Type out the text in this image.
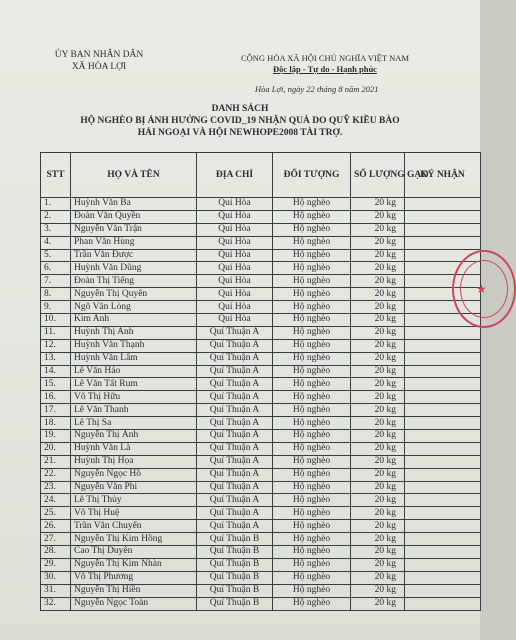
ỦY BAN NHÂN DÂN
XÃ HÒA LỢI
CỘNG HÒA XÃ HỘI CHỦ NGHĨA VIỆT NAM
Độc lập - Tự do - Hạnh phúc
Hòa Lợi, ngày 22 tháng 8 năm 2021
DANH SÁCH
HỘ NGHÈO BỊ ẢNH HƯỞNG COVID_19 NHẬN QUÀ DO QUỸ KIỀU BÀO
HẢI NGOẠI VÀ HỘI NEWHOPE2008 TÀI TRỢ.
STT	HỌ VÀ TÊN	ĐỊA CHỈ	ĐỐI TƯỢNG	SỐ LƯỢNG GẠO	KÝ NHẬN
1.	Huỳnh Văn Ba	Quí Hòa	Hộ nghèo	20 kg	
2.	Đoàn Văn Quyền	Quí Hòa	Hộ nghèo	20 kg	
3.	Nguyễn Văn Trận	Quí Hòa	Hộ nghèo	20 kg	
4.	Phan Văn Hùng	Quí Hòa	Hộ nghèo	20 kg	
5.	Trần Văn Được	Quí Hòa	Hộ nghèo	20 kg	
6.	Huỳnh Văn Dũng	Quí Hòa	Hộ nghèo	20 kg	
7.	Đoàn Thị Tiếng	Quí Hòa	Hộ nghèo	20 kg	
8.	Nguyễn Thị Quyên	Quí Hòa	Hộ nghèo	20 kg	
9.	Ngô Văn Lòng	Quí Hòa	Hộ nghèo	20 kg	
10.	Kim Anh	Quí Hòa	Hộ nghèo	20 kg	
11.	Huỳnh Thị Anh	Quí Thuận A	Hộ nghèo	20 kg	
12.	Huỳnh Văn Thạnh	Quí Thuận A	Hộ nghèo	20 kg	
13.	Huỳnh Văn Lâm	Quí Thuận A	Hộ nghèo	20 kg	
14.	Lê Văn Hảo	Quí Thuận A	Hộ nghèo	20 kg	
15.	Lê Văn Tất Rum	Quí Thuận A	Hộ nghèo	20 kg	
16.	Võ Thị Hữu	Quí Thuận A	Hộ nghèo	20 kg	
17.	Lê Văn Thanh	Quí Thuận A	Hộ nghèo	20 kg	
18.	Lê Thị Sa	Quí Thuận A	Hộ nghèo	20 kg	
19.	Nguyễn Thị Ánh	Quí Thuận A	Hộ nghèo	20 kg	
20.	Huỳnh Văn Là	Quí Thuận A	Hộ nghèo	20 kg	
21.	Huỳnh Thị Họa	Quí Thuận A	Hộ nghèo	20 kg	
22.	Nguyễn Ngọc Hồ	Quí Thuận A	Hộ nghèo	20 kg	
23.	Nguyễn Văn Phi	Quí Thuận A	Hộ nghèo	20 kg	
24.	Lê Thị Thủy	Quí Thuận A	Hộ nghèo	20 kg	
25.	Võ Thị Huệ	Quí Thuận A	Hộ nghèo	20 kg	
26.	Trần Văn Chuyển	Quí Thuận A	Hộ nghèo	20 kg	
27.	Nguyễn Thị Kim Hồng	Quí Thuận B	Hộ nghèo	20 kg	
28.	Cao Thị Duyên	Quí Thuận B	Hộ nghèo	20 kg	
29.	Nguyễn Thị Kim Nhàn	Quí Thuận B	Hộ nghèo	20 kg	
30.	Võ Thị Phương	Quí Thuận B	Hộ nghèo	20 kg	
31.	Nguyễn Thị Hiền	Quí Thuận B	Hộ nghèo	20 kg	
32.	Nguyễn Ngọc Toàn	Quí Thuận B	Hộ nghèo	20 kg	
★
